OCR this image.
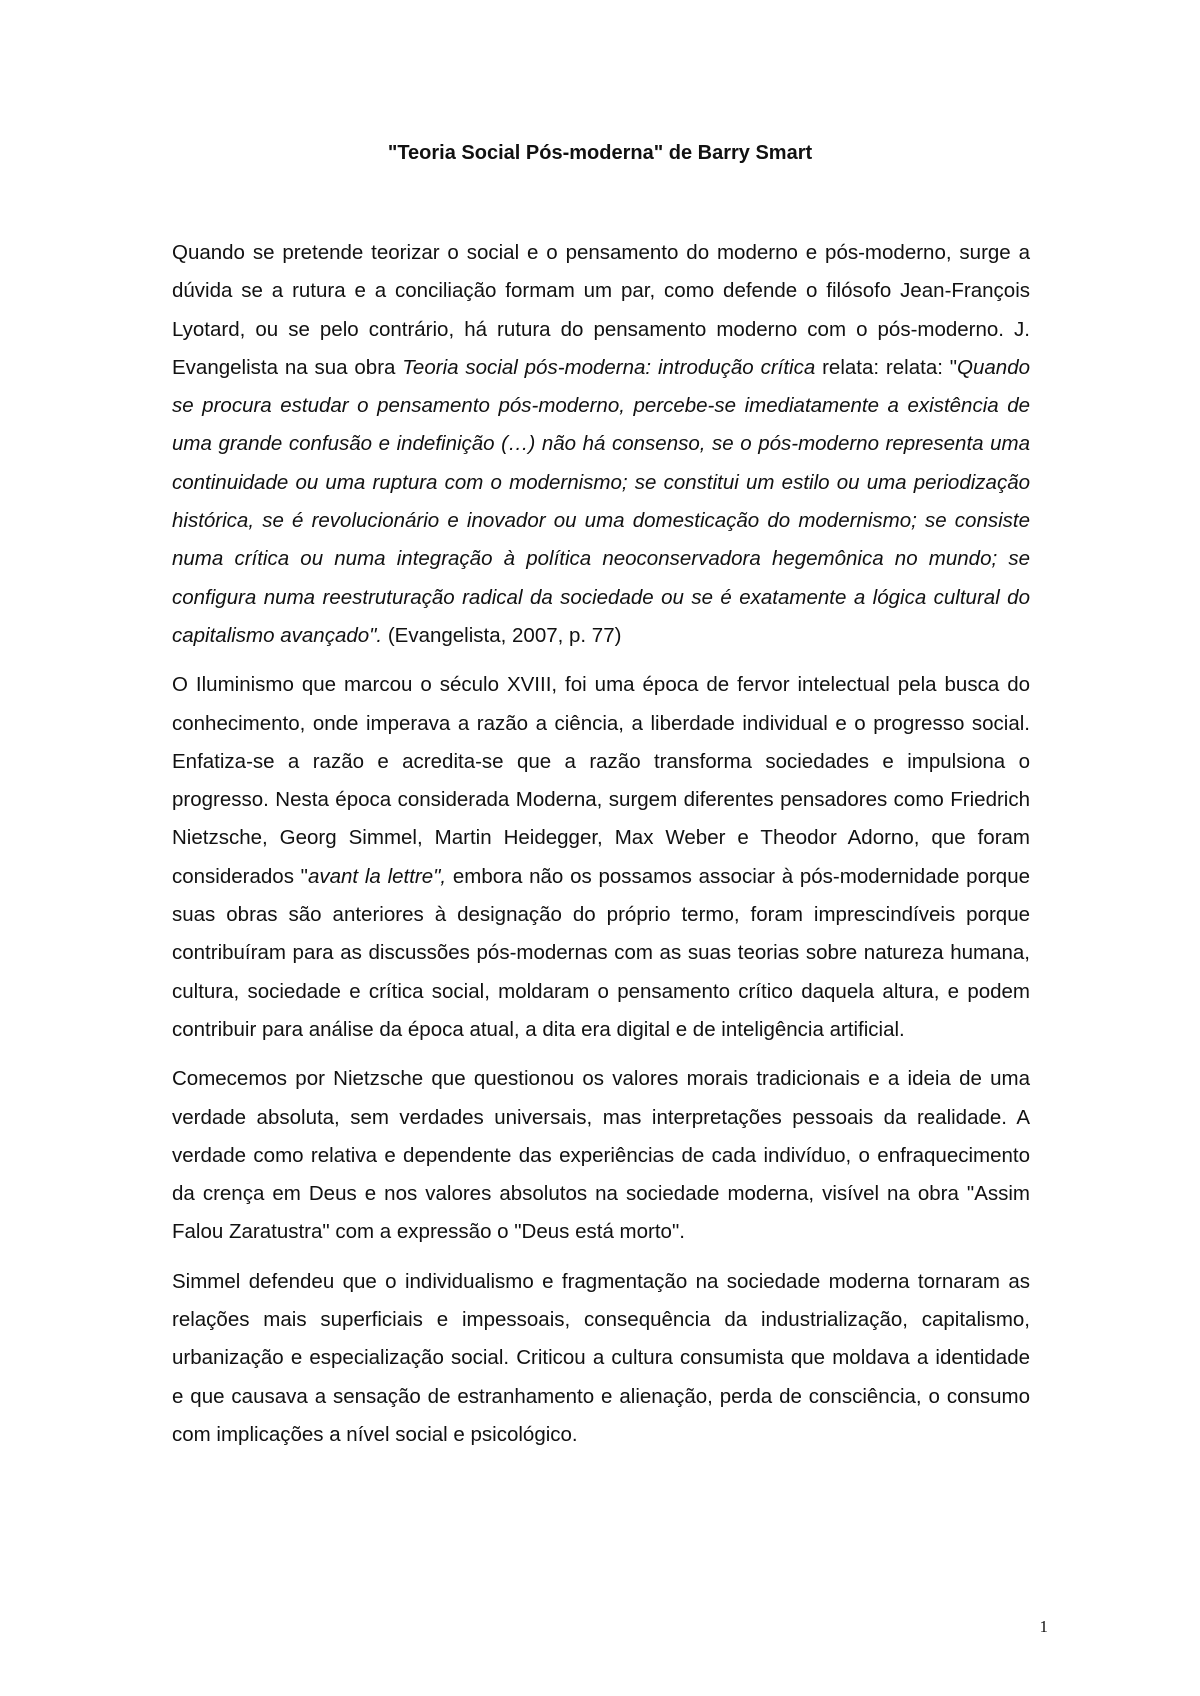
"Teoria Social Pós-moderna" de Barry Smart

Quando se pretende teorizar o social e o pensamento do moderno e pós-moderno, surge a dúvida se a rutura e a conciliação formam um par, como defende o filósofo Jean-François Lyotard, ou se pelo contrário, há rutura do pensamento moderno com o pós-moderno. J. Evangelista na sua obra Teoria social pós-moderna: introdução crítica relata: relata: "Quando se procura estudar o pensamento pós-moderno, percebe-se imediatamente a existência de uma grande confusão e indefinição (…) não há consenso, se o pós-moderno representa uma continuidade ou uma ruptura com o modernismo; se constitui um estilo ou uma periodização histórica, se é revolucionário e inovador ou uma domesticação do modernismo; se consiste numa crítica ou numa integração à política neoconservadora hegemônica no mundo; se configura numa reestruturação radical da sociedade ou se é exatamente a lógica cultural do capitalismo avançado". (Evangelista, 2007, p. 77)

O Iluminismo que marcou o século XVIII, foi uma época de fervor intelectual pela busca do conhecimento, onde imperava a razão a ciência, a liberdade individual e o progresso social. Enfatiza-se a razão e acredita-se que a razão transforma sociedades e impulsiona o progresso. Nesta época considerada Moderna, surgem diferentes pensadores como Friedrich Nietzsche, Georg Simmel, Martin Heidegger, Max Weber e Theodor Adorno, que foram considerados "avant la lettre", embora não os possamos associar à pós-modernidade porque suas obras são anteriores à designação do próprio termo, foram imprescindíveis porque contribuíram para as discussões pós-modernas com as suas teorias sobre natureza humana, cultura, sociedade e crítica social, moldaram o pensamento crítico daquela altura, e podem contribuir para análise da época atual, a dita era digital e de inteligência artificial.

Comecemos por Nietzsche que questionou os valores morais tradicionais e a ideia de uma verdade absoluta, sem verdades universais, mas interpretações pessoais da realidade. A verdade como relativa e dependente das experiências de cada indivíduo, o enfraquecimento da crença em Deus e nos valores absolutos na sociedade moderna, visível na obra "Assim Falou Zaratustra" com a expressão o "Deus está morto".

Simmel defendeu que o individualismo e fragmentação na sociedade moderna tornaram as relações mais superficiais e impessoais, consequência da industrialização, capitalismo, urbanização e especialização social. Criticou a cultura consumista que moldava a identidade e que causava a sensação de estranhamento e alienação, perda de consciência, o consumo com implicações a nível social e psicológico.

1
